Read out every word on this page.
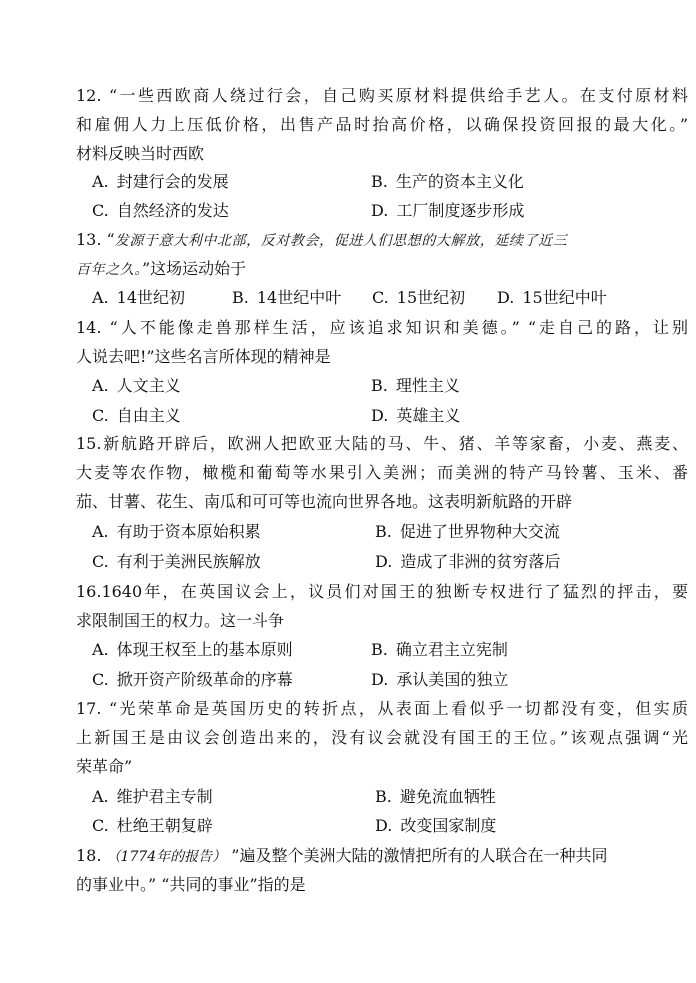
12. “一些西欧商人绕过行会，自己购买原材料提供给手艺人。在支付原材料
和雇佣人力上压低价格，出售产品时抬高价格，以确保投资回报的最大化。”
材料反映当时西欧
A. 封建行会的发展	B. 生产的资本主义化
C. 自然经济的发达	D. 工厂制度逐步形成
13. “发源于意大利中北部，反对教会，促进人们思想的大解放，延续了近三
百年之久。”这场运动始于
A. 14世纪初	B. 14世纪中叶 C. 15世纪初 D. 15世纪中叶
14. “人不能像走兽那样生活，应该追求知识和美德。” “走自己的路，让别
人说去吧!”这些名言所体现的精神是
A. 人文主义	B. 理性主义
C. 自由主义	D. 英雄主义
15.新航路开辟后，欧洲人把欧亚大陆的马、牛、猪、羊等家畜，小麦、燕麦、
大麦等农作物，橄榄和葡萄等水果引入美洲；而美洲的特产马铃薯、玉米、番
茄、甘薯、花生、南瓜和可可等也流向世界各地。这表明新航路的开辟
A. 有助于资本原始积累	B. 促进了世界物种大交流
C. 有利于美洲民族解放	D. 造成了非洲的贫穷落后
16.1640年，在英国议会上，议员们对国王的独断专权进行了猛烈的抨击，要
求限制国王的权力。这一斗争
A. 体现王权至上的基本原则	B. 确立君主立宪制
C. 掀开资产阶级革命的序幕	D. 承认美国的独立
17. “光荣革命是英国历史的转折点，从表面上看似乎一切都没有变，但实质
上新国王是由议会创造出来的，没有议会就没有国王的王位。”该观点强调“光
荣革命”
A. 维护君主专制	B. 避免流血牺牲
C. 杜绝王朝复辟	D. 改变国家制度
18. （1774年的报告） ”遍及整个美洲大陆的激情把所有的人联合在一种共同
的事业中。” “共同的事业”指的是
